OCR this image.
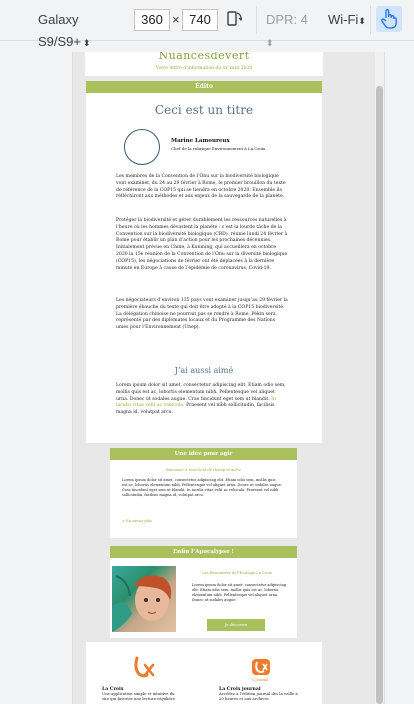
Galaxy S9/S9+ ⬍
360 × 740	DPR: 4 ⬍
Wi-Fi⬍
Nuancesdevert
Votre lettre d'information du xx xxxx 2020
Édito
Ceci est un titre
Marine Lamoureux
Chef de la rubrique Environnement à La Croix

Les membres de la Convention de l’Onu sur la biodiversité biologique vont examiner, du 24 au 29 février à Rome, le premier brouillon du texte de référence de la COP15 qui se tiendra en octobre 2020. Ensemble ils réfléchiront aux méthodes et aux enjeux de la sauvegarde de la planète.

Protéger la biodiversité et gérer durablement les ressources naturelles à l’heure où les hommes dévastent la planète : c’est la lourde tâche de la Convention sur la biodiversité biologique (CBD), réunie lundi 24 février à Rome pour établir un plan d’action pour les prochaines décennies. Initialement prévue en Chine, à Kunming, qui accueillera en octobre 2020 la 15e réunion de la Convention de l’Onu sur la diversité biologique (COP15), les négociations de février ont été déplacées à la dernière minute en Europe à cause de l’épidémie de coronavirus, Covid-19.

Les négociateurs d’environ 135 pays vont examiner jusqu’au 29 février la première ébauche du texte qui doit être adopté à la COP15 biodiversité. La délégation chinoise ne pourrait pas se rendre à Rome, Pékin sera représenté par des diplomates locaux et du Programme des Nations unies pour l’Environnement (Unep).

J’ai aussi aimé

Lorem ipsum dolor sit amet, consectetur adipiscing elit. Etiam odio sem, mollis quis est ac, lobortis elementum nibh. Pellentesque vel aliquet urna. Donec ut sodales augue. Cras tincidunt eget sem ut blandit. In iaculis vitae velit ac vehicula. Praesent vel nibh sollicitudin, facilisis magna id, volutpat arcu.

Une idée pour agir
Ramasser à vous bout de champ et autre

Lorem ipsum dolor sit amet, consectetur adipiscing elit. Etiam odio sem, mollis quis est ac, lobortis elementum nibh. Pellentesque vel aliquet urna. Donec ut sodales augue. Cras tincidunt eget sem ut blandit. In iaculis vitae velit ac vehicula. Praesent vel nibh sollicitudin, facilisis magna id, volutpat arcu.

> En savoir plus
Enfin l’Apocalypse !
Les Rencontres de l’Écologie La Croix

Lorem ipsum dolor sit amet, consectetur adipiscing elit. Etiam odio sem, mollis quis est ac, lobortis elementum nibh. Pellentesque vel aliquet urna. Donec ut sodales augue.

Je découvre
L'Journal
La Croix
Une application simple et intuitive du site qui favorise une lecture régulière
La Croix journal
Accédez à l’édition journal dès la veille à 20 heures et aux archives
